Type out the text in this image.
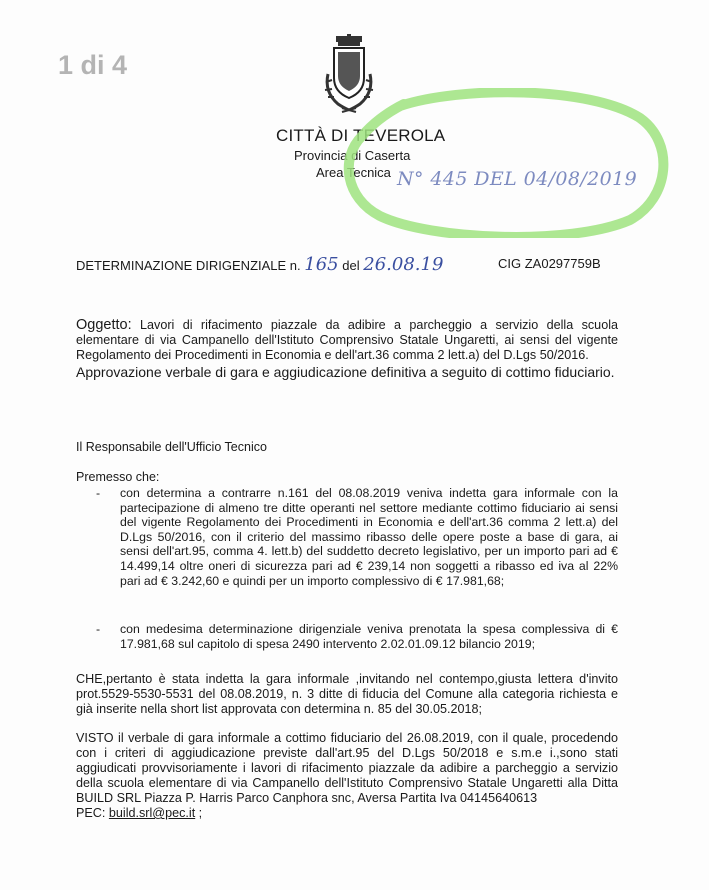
1 di 4
CITTÀ DI TEVEROLA
Provincia di Caserta
Area Tecnica N° 445 DEL 04/08/2019
DETERMINAZIONE DIRIGENZIALE n. 165 del 26.08.19	CIG ZA0297759B
Oggetto: Lavori di rifacimento piazzale da adibire a parcheggio a servizio della scuola elementare di via Campanello dell'Istituto Comprensivo Statale Ungaretti, ai sensi del vigente Regolamento dei Procedimenti in Economia e dell'art.36 comma 2 lett.a) del D.Lgs 50/2016.
Approvazione verbale di gara e aggiudicazione definitiva a seguito di cottimo fiduciario.
Il Responsabile dell'Ufficio Tecnico
Premesso che:
- con determina a contrarre n.161 del 08.08.2019 veniva indetta gara informale con la partecipazione di almeno tre ditte operanti nel settore mediante cottimo fiduciario ai sensi del vigente Regolamento dei Procedimenti in Economia e dell'art.36 comma 2 lett.a) del D.Lgs 50/2016, con il criterio del massimo ribasso delle opere poste a base di gara, ai sensi dell'art.95, comma 4. lett.b) del suddetto decreto legislativo, per un importo pari ad € 14.499,14 oltre oneri di sicurezza pari ad € 239,14 non soggetti a ribasso ed iva al 22% pari ad € 3.242,60 e quindi per un importo complessivo di € 17.981,68;
- con medesima determinazione dirigenziale veniva prenotata la spesa complessiva di € 17.981,68 sul capitolo di spesa 2490 intervento 2.02.01.09.12 bilancio 2019;
CHE,pertanto è stata indetta la gara informale ,invitando nel contempo,giusta lettera d'invito prot.5529-5530-5531 del 08.08.2019, n. 3 ditte di fiducia del Comune alla categoria richiesta e già inserite nella short list approvata con determina n. 85 del 30.05.2018;
VISTO il verbale di gara informale a cottimo fiduciario del 26.08.2019, con il quale, procedendo con i criteri di aggiudicazione previste dall'art.95 del D.Lgs 50/2018 e s.m.e i.,sono stati aggiudicati provvisoriamente i lavori di rifacimento piazzale da adibire a parcheggio a servizio della scuola elementare di via Campanello dell'Istituto Comprensivo Statale Ungaretti alla Ditta BUILD SRL Piazza P. Harris Parco Canphora snc, Aversa Partita Iva 04145640613
PEC: build.srl@pec.it ;
